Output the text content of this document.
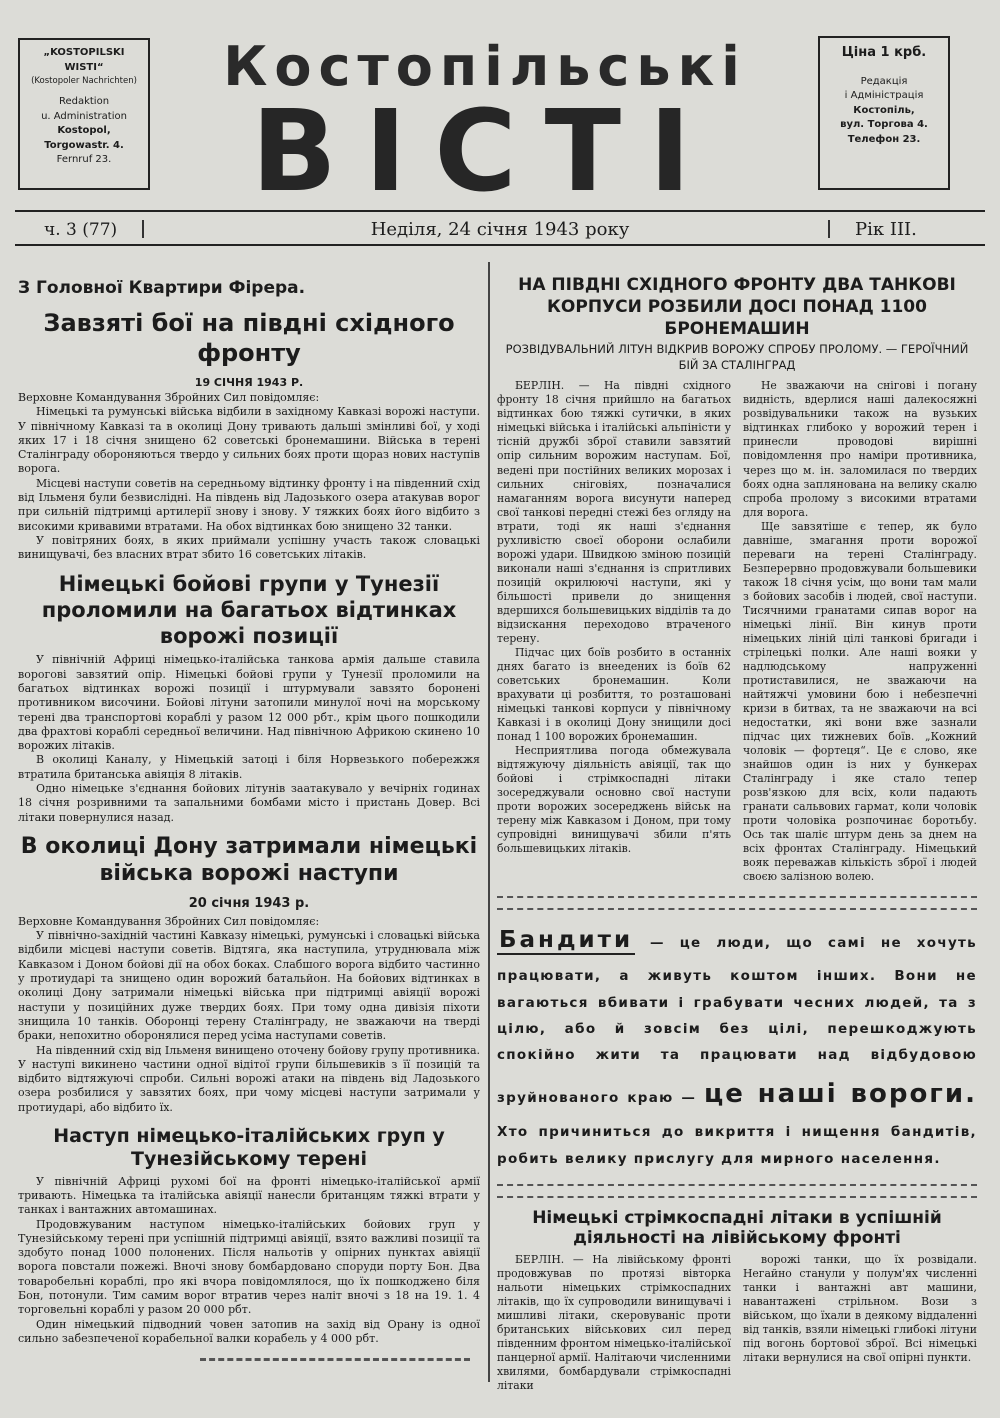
„KOSTOPILSKI
WISTI“
(Kostopoler Nachrichten)
Redaktion
u. Administration
Kostopol,
Torgowastr. 4.
Fernruf 23.
Ціна 1 крб.
Редакція
і Адміністрація
Костопіль,
вул. Торгова 4.
Телефон 23.
Костопільські
ВІСТІ
ч. 3 (77)	Неділя, 24 січня 1943 року	Рік III.
З Головної Квартири Фірера.
Завзяті бої на півдні східного фронту
19 СІЧНЯ 1943 Р.

Верховне Командування Збройних Сил повідомляє:

Німецькі та румунські війська відбили в західному Кавказі ворожі наступи. У північному Кавказі та в околиці Дону тривають дальші змінливі бої, у ході яких 17 і 18 січня знищено 62 советські бронемашини. Війська в терені Сталінграду обороняються твердо у сильних боях проти щораз нових наступів ворога.

Місцеві наступи советів на середньому відтинку фронту і на південний схід від Ільменя були безвислідні. На південь від Ладозького озера атакував ворог при сильній підтримці артилерії знову і знову. У тяжких боях його відбито з високими кривавими втратами. На обох відтинках бою знищено 32 танки.

У повітряних боях, в яких приймали успішну участь також словацькі винищувачі, без власних втрат збито 16 советських літаків.

Німецькі бойові групи у Тунезії проломили на багатьох відтинках ворожі позиції

У північній Африці німецько-італійська танкова армія дальше ставила ворогові завзятий опір. Німецькі бойові групи у Тунезії проломили на багатьох відтинках ворожі позиції і штурмували завзято боронені противником височини. Бойові літуни затопили минулої ночі на морському терені два транспортові кораблі у разом 12 000 рбт., крім цього пошкодили два фрахтові кораблі середньої величини. Над північною Африкою скинено 10 ворожих літаків.

В околиці Каналу, у Німецькій затоці і біля Норвезького побережжя втратила британська авіяція 8 літаків.

Одно німецьке з'єднання бойових літунів заатакувало у вечірніх годинах 18 січня розривними та запальними бомбами місто і пристань Довер. Всі літаки повернулися назад.

В околиці Дону затримали німецькі війська ворожі наступи
20 січня 1943 р.

Верховне Командування Збройних Сил повідомляє:

У північно-західній частині Кавказу німецькі, румунські і словацькі війська відбили місцеві наступи советів. Відтяга, яка наступила, утруднювала між Кавказом і Доном бойові дії на обох боках. Слабшого ворога відбито частинно у протиударі та знищено один ворожий батальйон. На бойових відтинках в околиці Дону затримали німецькі війська при підтримці авіяції ворожі наступи у позиційних дуже твердих боях. При тому одна дивізія піхоти знищила 10 танків. Оборонці терену Сталінграду, не зважаючи на тверді браки, непохитно оборонялися перед усіма наступами советів.

На південний схід від Ільменя винищено оточену бойову групу противника. У наступі викинено частини одної відітої групи більшевиків з її позицій та відбито відтяжуючі спроби. Сильні ворожі атаки на південь від Ладозького озера розбилися у завзятих боях, при чому місцеві наступи затримали у протиударі, або відбито їх.

Наступ німецько-італійських груп у Тунезійському терені

У північній Африці рухомі бої на фронті німецько-італійської армії тривають. Німецька та італійська авіяції нанесли британцям тяжкі втрати у танках і вантажних автомашинах.

Продовжуваним наступом німецько-італійських бойових груп у Тунезійському терені при успішній підтримці авіяції, взято важливі позиції та здобуто понад 1000 полонених. Після нальотів у опірних пунктах авіяції ворога повстали пожежі. Вночі знову бомбардовано споруди порту Бон. Два товаробельні кораблі, про які вчора повідомлялося, що їх пошкоджено біля Бон, потонули. Тим самим ворог втратив через наліт вночі з 18 на 19. 1. 4 торговельні кораблі у разом 20 000 рбт.

Один німецький підводний човен затопив на захід від Орану із одної сильно забезпеченої корабельної валки корабель у 4 000 рбт.

НА ПІВДНІ СХІДНОГО ФРОНТУ ДВА ТАНКОВІ КОРПУСИ РОЗБИЛИ ДОСІ ПОНАД 1100 БРОНЕМАШИН
РОЗВІДУВАЛЬНИЙ ЛІТУН ВІДКРИВ ВОРОЖУ СПРОБУ ПРОЛОМУ. — ГЕРОЇЧНИЙ БІЙ ЗА СТАЛІНГРАД

БЕРЛІН. — На півдні східного фронту 18 січня прийшло на багатьох відтинках бою тяжкі сутички, в яких німецькі війська і італійські альпіністи у тісній дружбі зброї ставили завзятий опір сильним ворожим наступам. Бої, ведені при постійних великих морозах і сильних сніговіях, позначалися намаганням ворога висунути наперед свої танкові передні стежі без огляду на втрати, тоді як наші з'єднання рухливістю своєї оборони ослабили ворожі удари. Швидкою зміною позицій виконали наші з'єднання із спритливих позицій окрилюючі наступи, які у більшості привели до знищення вдершихся большевицьких відділів та до відзискання переходово втраченого терену.

Підчас цих боїв розбито в останніх днях багато із внеедених із боїв 62 советських бронемашин. Коли врахувати ці розбиття, то розташовані німецькі танкові корпуси у північному Кавказі і в околиці Дону знищили досі понад 1 100 ворожих бронемашин.

Несприятлива погода обмежувала відтяжуючу діяльність авіяції, так що бойові і стрімкоспадні літаки зосереджували основно свої наступи проти ворожих зосереджень військ на терену між Кавказом і Доном, при тому супровідні винищувачі збили п'ять большевицьких літаків.

Не зважаючи на снігові і погану видність, вдерлися наші далекосяжні розвідувальники також на вузьких відтинках глибоко у ворожий терен і принесли проводові вирішні повідомлення про наміри противника, через що м. ін. заломилася по твердих боях одна заплянована на велику скалю спроба пролому з високими втратами для ворога.

Ще завзятіше є тепер, як було давніше, змагання проти ворожої переваги на терені Сталінграду. Безперервно продовжували большевики також 18 січня усім, що вони там мали з бойових засобів і людей, свої наступи. Тисячними гранатами сипав ворог на німецькі лінії. Він кинув проти німецьких ліній цілі танкові бригади і стрілецькі полки. Але наші вояки у надлюдському напруженні протиставилися, не зважаючи на найтяжчі умовини бою і небезпечні кризи в битвах, та не зважаючи на всі недостатки, які вони вже зазнали підчас цих тижневих боїв. „Кожний чоловік — фортеця“. Це є слово, яке знайшов один із них у бункерах Сталінграду і яке стало тепер розв'язкою для всіх, коли падають гранати сальвових гармат, коли чоловік проти чоловіка розпочинає боротьбу. Ось так шаліє штурм день за днем на всіх фронтах Сталінграду. Німецький вояк переважав кількість зброї і людей своєю залізною волею.

Бандити — це люди, що самі не хочуть працювати, а живуть коштом інших. Вони не вагаються вбивати і грабувати чесних людей, та з цілю, або й зовсім без цілі, перешкоджують спокійно жити та працювати над відбудовою зруйнованого краю — це наші вороги. Хто причиниться до викриття і нищення бандитів, робить велику прислугу для мирного населення.
Німецькі стрімкоспадні літаки в успішній діяльності на лівійському фронті

БЕРЛІН. — На лівійському фронті продовжував по протязі вівторка нальоти німецьких стрімкоспадних літаків, що їх супроводили винищувачі і мишливі літаки, скеровуваніс проти британських військових сил перед південним фронтом німецько-італійської панцерної армії. Налітаючи численними хвилями, бомбардували стрімкоспадні літаки

ворожі танки, що їх розвідали. Негайно станули у полум'ях численні танки і вантажні авт машини, навантажені стрільном. Вози з військом, що їхали в деякому віддаленні від танків, взяли німецькі глибокі літуни під вогонь бортової зброї. Всі німецькі літаки вернулися на свої опірні пункти.
